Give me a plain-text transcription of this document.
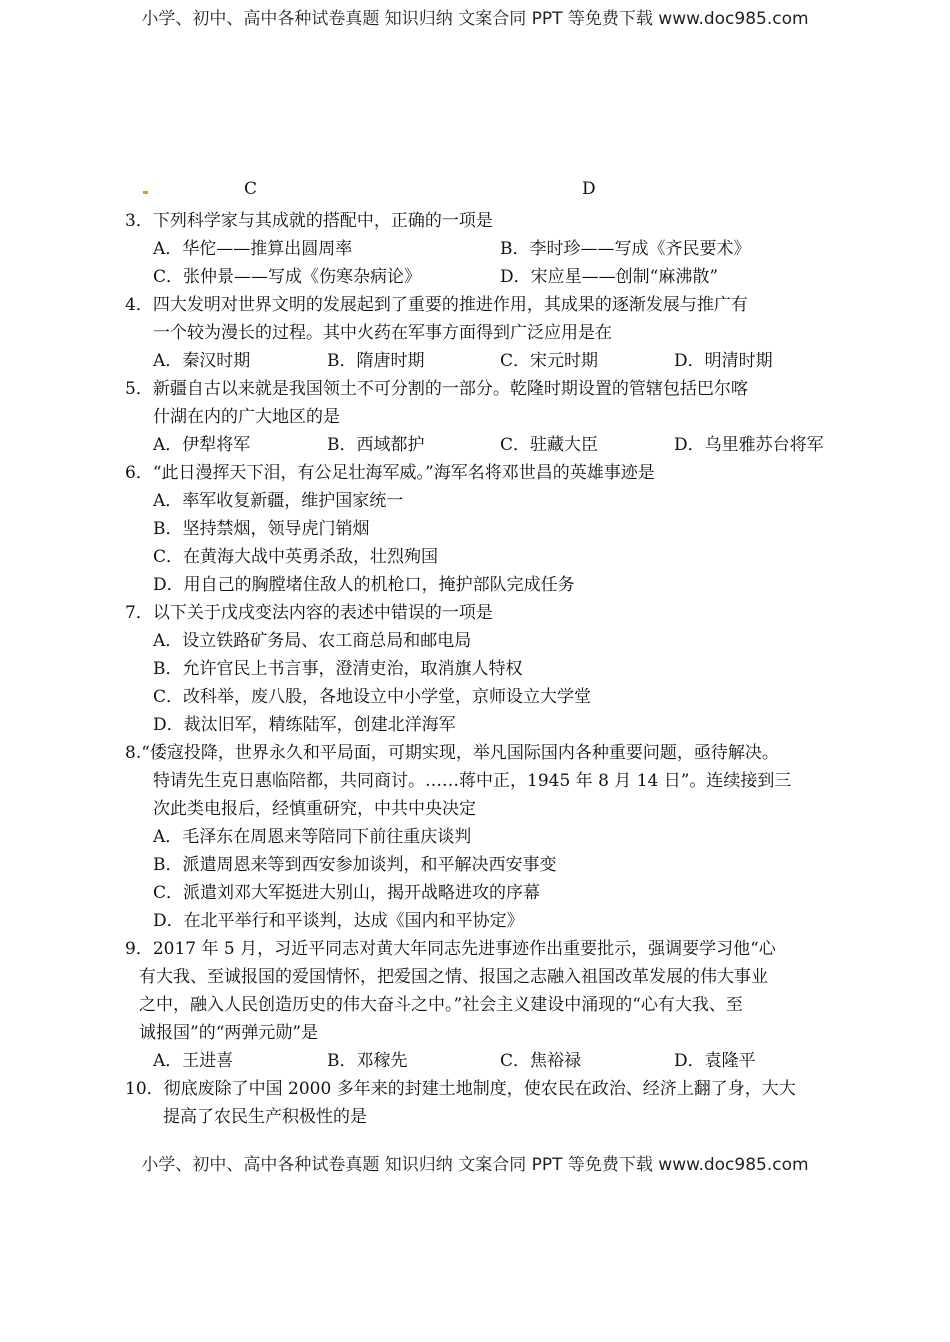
小学、初中、高中各种试卷真题 知识归纳 文案合同 PPT 等免费下载 www.doc985.com
C	D
3．下列科学家与其成就的搭配中，正确的一项是
A．华佗——推算出圆周率	B．李时珍——写成《齐民要术》
C．张仲景——写成《伤寒杂病论》	D．宋应星——创制“麻沸散”
4．四大发明对世界文明的发展起到了重要的推进作用，其成果的逐渐发展与推广有
一个较为漫长的过程。其中火药在军事方面得到广泛应用是在
A．秦汉时期	B．隋唐时期	C．宋元时期	D．明清时期
5．新疆自古以来就是我国领土不可分割的一部分。乾隆时期设置的管辖包括巴尔喀
什湖在内的广大地区的是
A．伊犁将军	B．西域都护	C．驻藏大臣	D．乌里雅苏台将军
6．“此日漫挥天下泪，有公足壮海军威。”海军名将邓世昌的英雄事迹是
A．率军收复新疆，维护国家统一
B．坚持禁烟，领导虎门销烟
C．在黄海大战中英勇杀敌，壮烈殉国
D．用自己的胸膛堵住敌人的机枪口，掩护部队完成任务
7．以下关于戊戌变法内容的表述中错误的一项是
A．设立铁路矿务局、农工商总局和邮电局
B．允许官民上书言事，澄清吏治，取消旗人特权
C．改科举，废八股，各地设立中小学堂，京师设立大学堂
D．裁汰旧军，精练陆军，创建北洋海军
8.“倭寇投降，世界永久和平局面，可期实现，举凡国际国内各种重要问题，亟待解决。
特请先生克日惠临陪都，共同商讨。……蒋中正，1945 年 8 月 14 日”。连续接到三
次此类电报后，经慎重研究，中共中央决定
A．毛泽东在周恩来等陪同下前往重庆谈判
B．派遣周恩来等到西安参加谈判，和平解决西安事变
C．派遣刘邓大军挺进大别山，揭开战略进攻的序幕
D．在北平举行和平谈判，达成《国内和平协定》
9．2017 年 5 月，习近平同志对黄大年同志先进事迹作出重要批示，强调要学习他“心
有大我、至诚报国的爱国情怀，把爱国之情、报国之志融入祖国改革发展的伟大事业
之中，融入人民创造历史的伟大奋斗之中。”社会主义建设中涌现的“心有大我、至
诚报国”的“两弹元勋”是
A．王进喜	B．邓稼先	C．焦裕禄	D．袁隆平
10．彻底废除了中国 2000 多年来的封建土地制度，使农民在政治、经济上翻了身，大大
提高了农民生产积极性的是
小学、初中、高中各种试卷真题 知识归纳 文案合同 PPT 等免费下载 www.doc985.com
